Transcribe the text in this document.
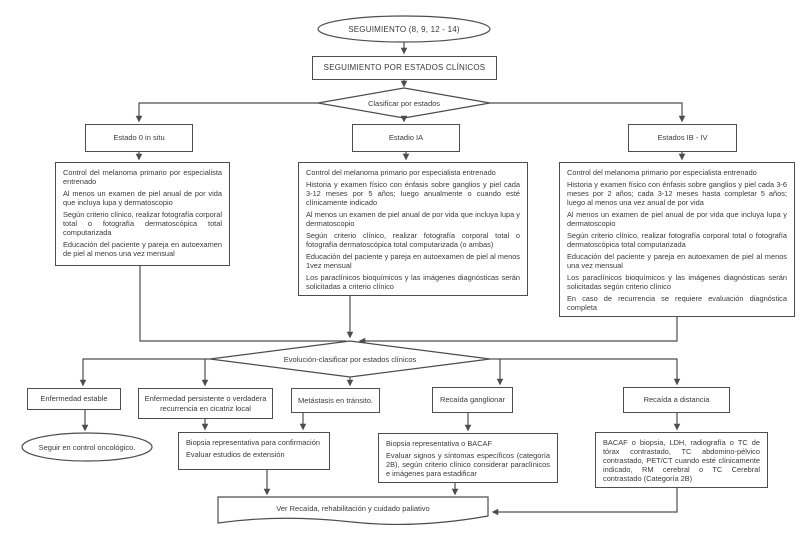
SEGUIMIENTO (8, 9, 12 - 14)
SEGUIMIENTO POR ESTADOS CLÍNICOS
Clasificar por estados
Estado 0 in situ	Estadio IA	Estados IB - IV

Control del melanoma primario por especialista entrenado

Al menos un examen de piel anual de por vida que incluya lupa y dermatoscopio

Según criterio clínico, realizar fotografía corporal total o fotografía dermatoscópica total computarizada

Educación del paciente y pareja en autoexamen de piel al menos una vez mensual

Control del melanoma primario por especialista entrenado

Historia y examen físico con énfasis sobre ganglios y piel cada 3-12 meses por 5 años; luego anualmente o cuando esté clínicamente indicado

Al menos un examen de piel anual de por vida que incluya lupa y dermatoscopio

Según criterio clínico, realizar fotografía corporal total o fotografía dermatoscópica total computarizada (o ambas)

Educación del paciente y pareja en autoexamen de piel al menos 1vez mensual

Los paraclínicos bioquímicos y las imágenes diagnósticas serán solicitadas a criterio clínico

Control del melanoma primario por especialista entrenado

Historia y examen físico con énfasis sobre ganglios y piel cada 3-6 meses por 2 años; cada 3-12 meses hasta completar 5 años; luego al menos una vez anual de por vida

Al menos un examen de piel anual de por vida que incluya lupa y dermatoscopio

Según criterio clínico, realizar fotografía corporal total o fotografía dermatoscópica total computarizada

Educación del paciente y pareja en autoexamen de piel al menos una vez mensual

Los paraclínicos bioquímicos y las imágenes diagnósticas serán solicitadas según criterio clínico

En caso de recurrencia se requiere evaluación diagnóstica completa

Evolución-clasificar por estados clínicos
Enfermedad estable	Enfermedad persistente o verdadera recurrencia en cicatriz local
Metástasis en tránsito.	Recaída ganglionar	Recaída a distancia
Seguir en control oncológico.	Biopsia representativa para confirmación

Evaluar estudios de extensión

Biopsia representativa o BACAF

Evaluar signos y síntomas específicos (categoría 2B), según criterio clínico considerar paraclínicos e imágenes para estadificar

BACAF o biopsia, LDH, radiografía o TC de tórax contrastado, TC abdomino-pélvico contrastado, PET/CT cuando esté clínicamente indicado, RM cerebral o TC Cerebral contrastado (Categoría 2B)

Ver Recaída, rehabilitación y cuidado paliativo
